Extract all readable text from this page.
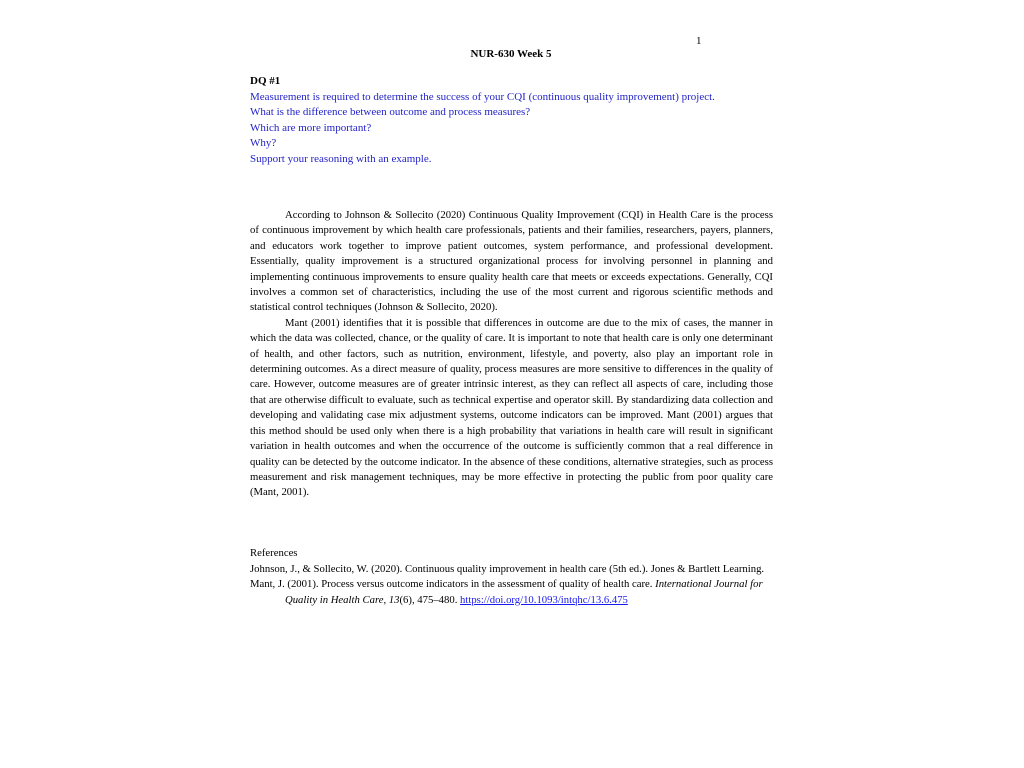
1
NUR-630 Week 5
DQ #1
Measurement is required to determine the success of your CQI (continuous quality improvement) project.
What is the difference between outcome and process measures?
Which are more important?
Why?
Support your reasoning with an example.

According to Johnson & Sollecito (2020) Continuous Quality Improvement (CQI) in Health Care is the process of continuous improvement by which health care professionals, patients and their families, researchers, payers, planners, and educators work together to improve patient outcomes, system performance, and professional development. Essentially, quality improvement is a structured organizational process for involving personnel in planning and implementing continuous improvements to ensure quality health care that meets or exceeds expectations. Generally, CQI involves a common set of characteristics, including the use of the most current and rigorous scientific methods and statistical control techniques (Johnson & Sollecito, 2020).

Mant (2001) identifies that it is possible that differences in outcome are due to the mix of cases, the manner in which the data was collected, chance, or the quality of care. It is important to note that health care is only one determinant of health, and other factors, such as nutrition, environment, lifestyle, and poverty, also play an important role in determining outcomes. As a direct measure of quality, process measures are more sensitive to differences in the quality of care. However, outcome measures are of greater intrinsic interest, as they can reflect all aspects of care, including those that are otherwise difficult to evaluate, such as technical expertise and operator skill. By standardizing data collection and developing and validating case mix adjustment systems, outcome indicators can be improved. Mant (2001) argues that this method should be used only when there is a high probability that variations in health care will result in significant variation in health outcomes and when the occurrence of the outcome is sufficiently common that a real difference in quality can be detected by the outcome indicator. In the absence of these conditions, alternative strategies, such as process measurement and risk management techniques, may be more effective in protecting the public from poor quality care (Mant, 2001).

References

Johnson, J., & Sollecito, W. (2020). Continuous quality improvement in health care (5th ed.). Jones & Bartlett Learning.

Mant, J. (2001). Process versus outcome indicators in the assessment of quality of health care. International Journal for Quality in Health Care, 13(6), 475–480. https://doi.org/10.1093/intqhc/13.6.475
